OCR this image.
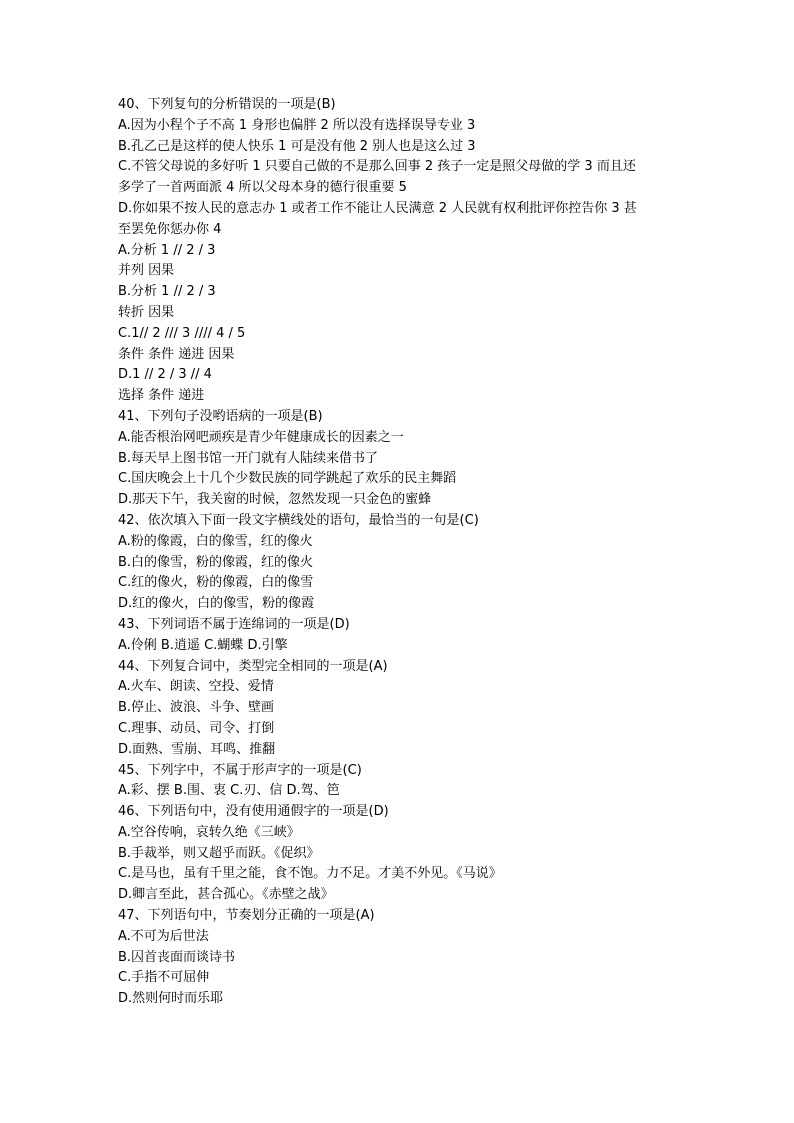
40、下列复句的分析错误的一项是(B)
A.因为小程个子不高 1 身形也偏胖 2 所以没有选择误导专业 3
B.孔乙己是这样的使人快乐 1 可是没有他 2 别人也是这么过 3
C.不管父母说的多好听 1 只要自己做的不是那么回事 2 孩子一定是照父母做的学 3 而且还
多学了一首两面派 4 所以父母本身的德行很重要 5
D.你如果不按人民的意志办 1 或者工作不能让人民满意 2 人民就有权利批评你控告你 3 甚
至罢免你惩办你 4
A.分析 1 // 2 / 3
并列 因果
B.分析 1 // 2 / 3
转折 因果
C.1// 2 /// 3 //// 4 / 5
条件 条件 递进 因果
D.1 // 2 / 3 // 4
选择 条件 递进
41、下列句子没哟语病的一项是(B)
A.能否根治网吧顽疾是青少年健康成长的因素之一
B.每天早上图书馆一开门就有人陆续来借书了
C.国庆晚会上十几个少数民族的同学跳起了欢乐的民主舞蹈
D.那天下午，我关窗的时候，忽然发现一只金色的蜜蜂
42、依次填入下面一段文字横线处的语句，最恰当的一句是(C)
A.粉的像霞，白的像雪，红的像火
B.白的像雪，粉的像霞，红的像火
C.红的像火，粉的像霞，白的像雪
D.红的像火，白的像雪，粉的像霞
43、下列词语不属于连绵词的一项是(D)
A.伶俐 B.逍遥 C.蝴蝶 D.引擎
44、下列复合词中，类型完全相同的一项是(A)
A.火车、朗读、空投、爱情
B.停止、波浪、斗争、壁画
C.理事、动员、司令、打倒
D.面熟、雪崩、耳鸣、推翻
45、下列字中，不属于形声字的一项是(C)
A.彩、摆 B.围、衷 C.刃、信 D.驾、笆
46、下列语句中，没有使用通假字的一项是(D)
A.空谷传响，哀转久绝《三峡》
B.手裁举，则又超乎而跃。《促织》
C.是马也，虽有千里之能，食不饱。力不足。才美不外见。《马说》
D.卿言至此，甚合孤心。《赤壁之战》
47、下列语句中，节奏划分正确的一项是(A)
A.不可为后世法
B.囚首丧面而谈诗书
C.手指不可屈伸
D.然则何时而乐耶
